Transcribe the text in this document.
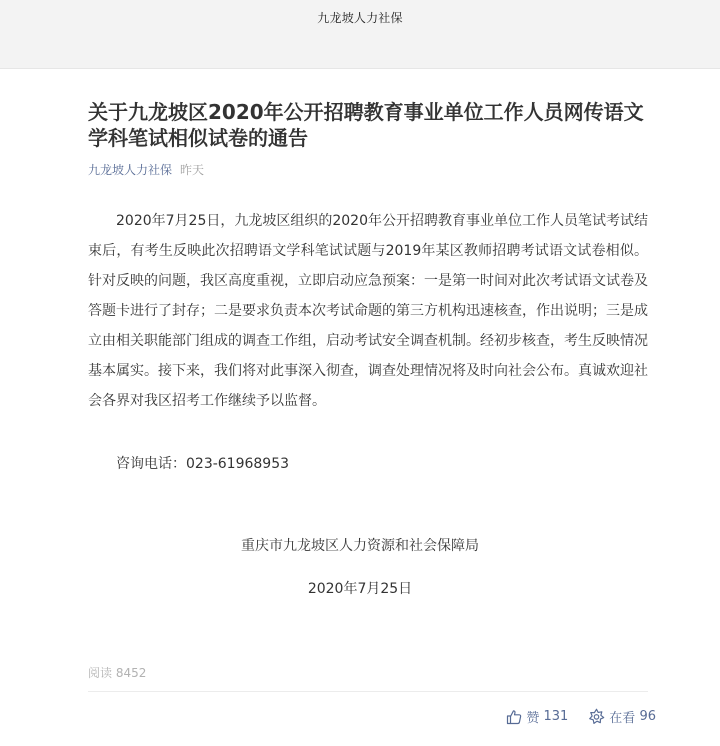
九龙坡人力社保
关于九龙坡区2020年公开招聘教育事业单位工作人员网传语文学科笔试相似试卷的通告
九龙坡人力社保 昨天

2020年7月25日，九龙坡区组织的2020年公开招聘教育事业单位工作人员笔试考试结束后，有考生反映此次招聘语文学科笔试试题与2019年某区教师招聘考试语文试卷相似。针对反映的问题，我区高度重视，立即启动应急预案：一是第一时间对此次考试语文试卷及答题卡进行了封存；二是要求负责本次考试命题的第三方机构迅速核查，作出说明；三是成立由相关职能部门组成的调查工作组，启动考试安全调查机制。经初步核查，考生反映情况基本属实。接下来，我们将对此事深入彻查，调查处理情况将及时向社会公布。真诚欢迎社会各界对我区招考工作继续予以监督。

咨询电话：023-61968953

重庆市九龙坡区人力资源和社会保障局

2020年7月25日

阅读 8452
赞
131	在看
96
